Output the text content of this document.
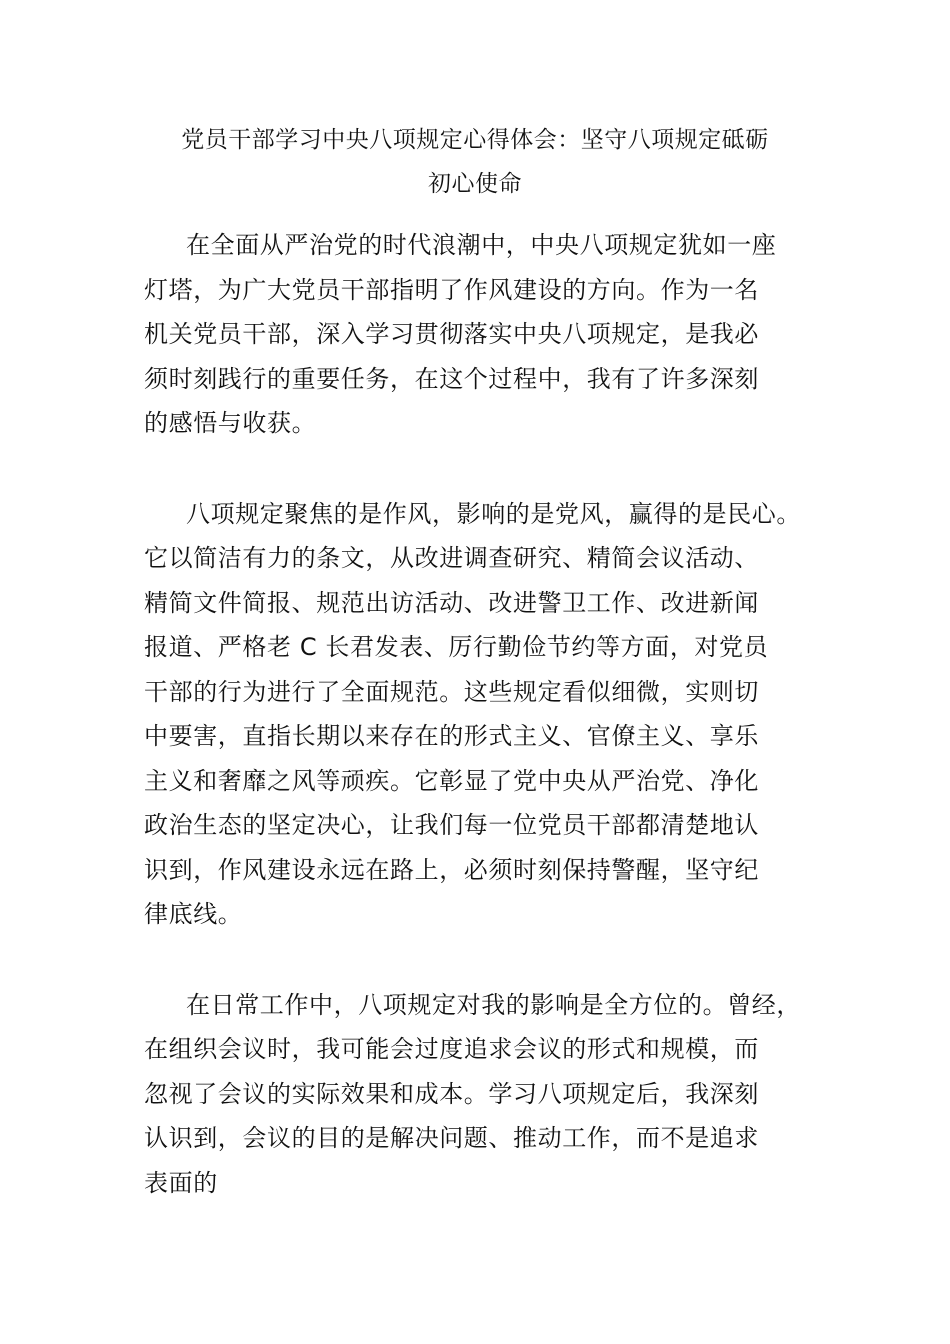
党员干部学习中央八项规定心得体会：坚守八项规定砥砺
初心使命

在全面从严治党的时代浪潮中，中央八项规定犹如一座

灯塔，为广大党员干部指明了作风建设的方向。作为一名

机关党员干部，深入学习贯彻落实中央八项规定，是我必

须时刻践行的重要任务，在这个过程中，我有了许多深刻

的感悟与收获。

八项规定聚焦的是作风，影响的是党风，赢得的是民心。

它以简洁有力的条文，从改进调查研究、精简会议活动、

精简文件简报、规范出访活动、改进警卫工作、改进新闻

报道、严格老 C 长君发表、厉行勤俭节约等方面，对党员

干部的行为进行了全面规范。这些规定看似细微，实则切

中要害，直指长期以来存在的形式主义、官僚主义、享乐

主义和奢靡之风等顽疾。它彰显了党中央从严治党、净化

政治生态的坚定决心，让我们每一位党员干部都清楚地认

识到，作风建设永远在路上，必须时刻保持警醒，坚守纪

律底线。

在日常工作中，八项规定对我的影响是全方位的。曾经，

在组织会议时，我可能会过度追求会议的形式和规模，而

忽视了会议的实际效果和成本。学习八项规定后，我深刻

认识到，会议的目的是解决问题、推动工作，而不是追求

表面的
